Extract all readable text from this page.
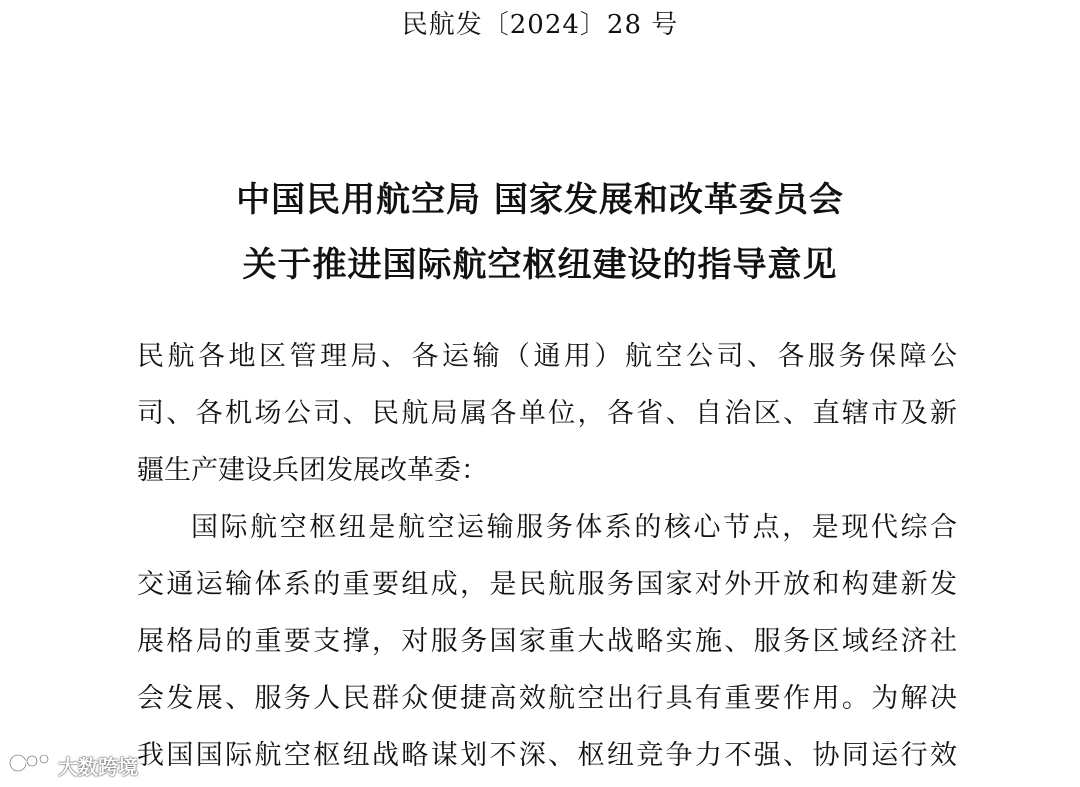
民航发〔2024〕28 号
中国民用航空局 国家发展和改革委员会
关于推进国际航空枢纽建设的指导意见
民航各地区管理局、各运输（通用）航空公司、各服务保障公
司、各机场公司、民航局属各单位，各省、自治区、直辖市及新
疆生产建设兵团发展改革委：
国际航空枢纽是航空运输服务体系的核心节点，是现代综合
交通运输体系的重要组成，是民航服务国家对外开放和构建新发
展格局的重要支撑，对服务国家重大战略实施、服务区域经济社
会发展、服务人民群众便捷高效航空出行具有重要作用。为解决
我国国际航空枢纽战略谋划不深、枢纽竞争力不强、协同运行效
大数跨境
